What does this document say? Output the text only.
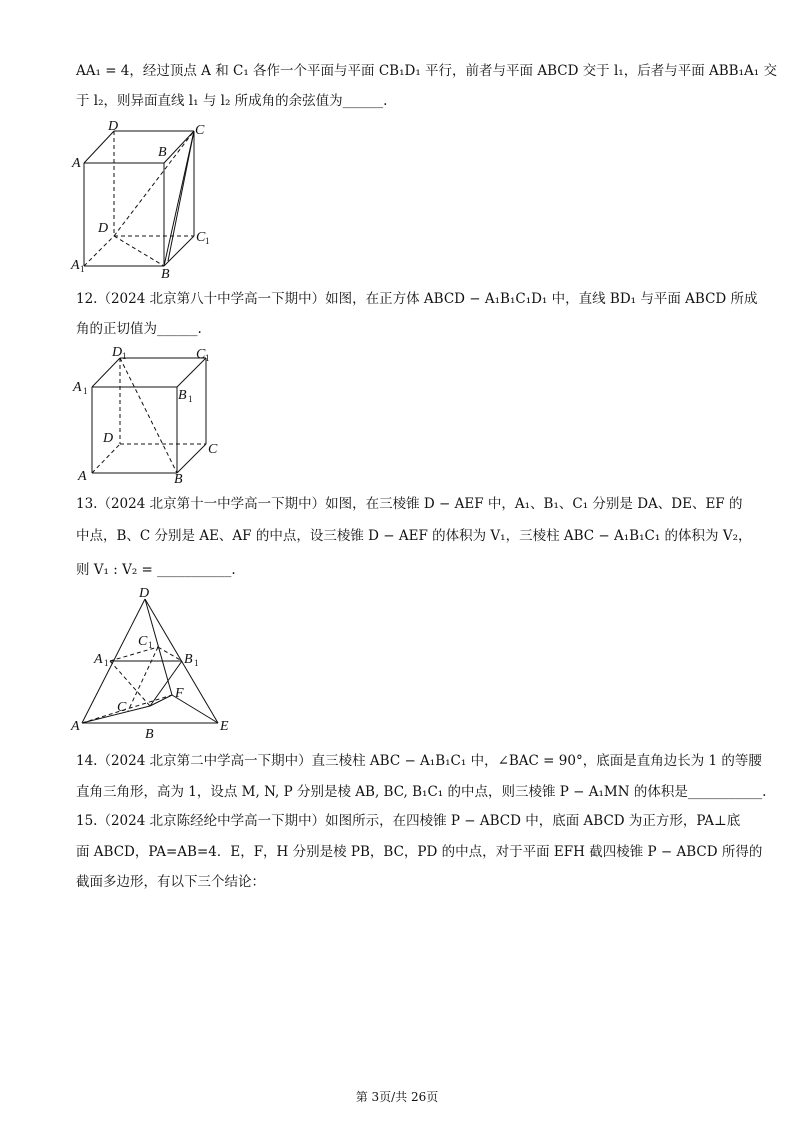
AA₁ = 4，经过顶点 A 和 C₁ 各作一个平面与平面 CB₁D₁ 平行，前者与平面 ABCD 交于 l₁，后者与平面 ABB₁A₁ 交
于 l₂，则异面直线 l₁ 与 l₂ 所成角的余弦值为______.
D	C
A
B
D
C 1
A 1	B
12.（2024 北京第八十中学高一下期中）如图，在正方体 ABCD − A₁B₁C₁D₁ 中，直线 BD₁ 与平面 ABCD 所成
角的正切值为______.
D 1	C 1
A 1	B 1
D
C
A	B
13.（2024 北京第十一中学高一下期中）如图，在三棱锥 D − AEF 中，A₁、B₁、C₁ 分别是 DA、DE、EF 的
中点，B、C 分别是 AE、AF 的中点，设三棱锥 D − AEF 的体积为 V₁，三棱柱 ABC − A₁B₁C₁ 的体积为 V₂，
则 V₁ : V₂ = ___________.
D
C 1
A 1	B 1
F
C
A	E
B
14.（2024 北京第二中学高一下期中）直三棱柱 ABC − A₁B₁C₁ 中，∠BAC = 90°，底面是直角边长为 1 的等腰
直角三角形，高为 1，设点 M, N, P 分别是棱 AB, BC, B₁C₁ 的中点，则三棱锥 P − A₁MN 的体积是___________.
15.（2024 北京陈经纶中学高一下期中）如图所示，在四棱锥 P − ABCD 中，底面 ABCD 为正方形，PA⊥底
面 ABCD，PA=AB=4．E，F，H 分别是棱 PB，BC，PD 的中点，对于平面 EFH 截四棱锥 P − ABCD 所得的
截面多边形，有以下三个结论：
第 3页/共 26页
